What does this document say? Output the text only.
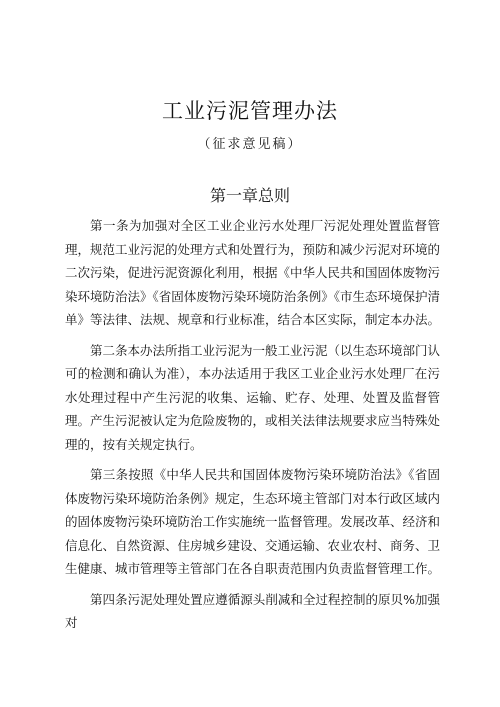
工业污泥管理办法
（征求意见稿）
第一章总则

第一条为加强对全区工业企业污水处理厂污泥处理处置监督管理，规范工业污泥的处理方式和处置行为，预防和减少污泥对环境的二次污染，促进污泥资源化利用，根据《中华人民共和国固体废物污染环境防治法》《省固体废物污染环境防治条例》《市生态环境保护清单》等法律、法规、规章和行业标准，结合本区实际，制定本办法。

第二条本办法所指工业污泥为一般工业污泥（以生态环境部门认可的检测和确认为准），本办法适用于我区工业企业污水处理厂在污水处理过程中产生污泥的收集、运输、贮存、处理、处置及监督管理。产生污泥被认定为危险废物的，或相关法律法规要求应当特殊处理的，按有关规定执行。

第三条按照《中华人民共和国固体废物污染环境防治法》《省固体废物污染环境防治条例》规定，生态环境主管部门对本行政区域内的固体废物污染环境防治工作实施统一监督管理。发展改革、经济和信息化、自然资源、住房城乡建设、交通运输、农业农村、商务、卫生健康、城市管理等主管部门在各自职责范围内负责监督管理工作。

第四条污泥处理处置应遵循源头削减和全过程控制的原贝%加强对
